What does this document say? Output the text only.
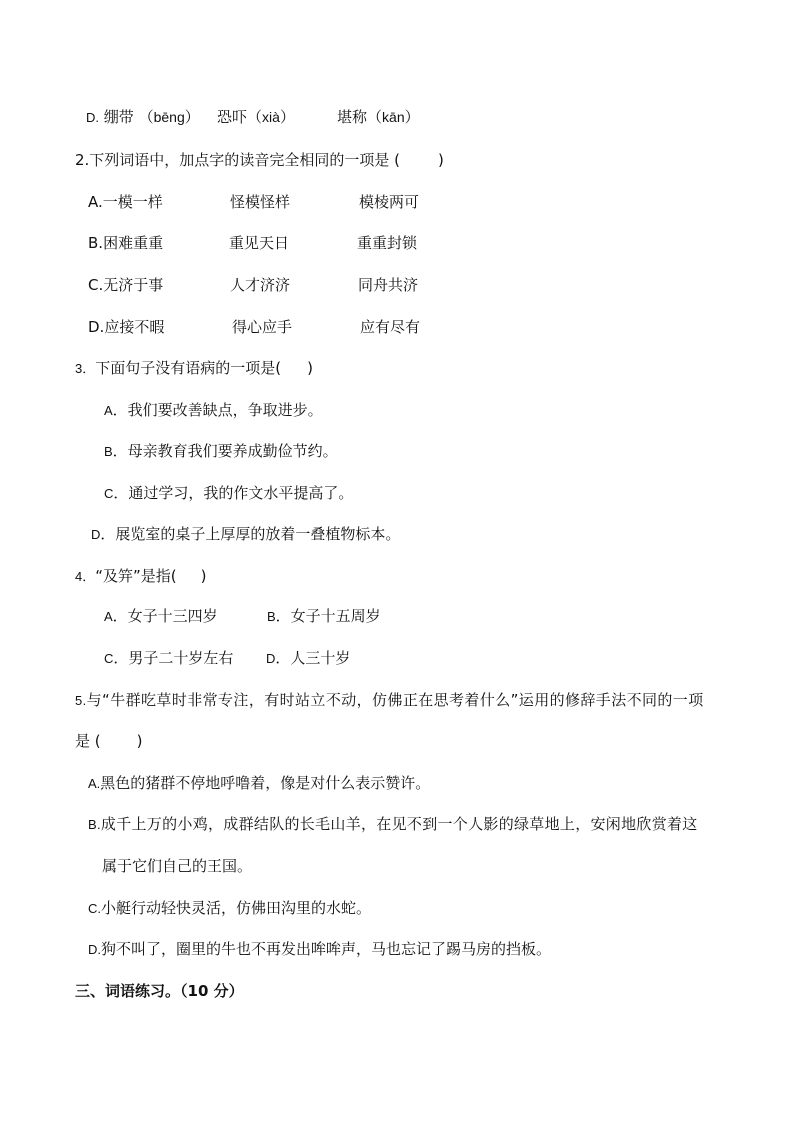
D. 绷带 （bēng） 恐吓（xià）	堪称（kān）
2.下列词语中，加点字的读音完全相同的一项是 (	)
A.一模一样	怪模怪样	模棱两可
B.困难重重	重见天日	重重封锁
C.无济于事	人才济济	同舟共济
D.应接不暇	得心应手	应有尽有
3．下面句子没有语病的一项是( )
A．我们要改善缺点，争取进步。
B．母亲教育我们要养成勤俭节约。
C．通过学习，我的作文水平提高了。
D．展览室的桌子上厚厚的放着一叠植物标本。
4．“及笄”是指( )
A．女子十三四岁	B．女子十五周岁
C．男子二十岁左右	D．人三十岁
5.与“牛群吃草时非常专注，有时站立不动，仿佛正在思考着什么”运用的修辞手法不同的一项
是 ( )
A.黑色的猪群不停地呼噜着，像是对什么表示赞许。
B.成千上万的小鸡，成群结队的长毛山羊，在见不到一个人影的绿草地上，安闲地欣赏着这
属于它们自己的王国。
C.小艇行动轻快灵活，仿佛田沟里的水蛇。
D.狗不叫了，圈里的牛也不再发出哞哞声，马也忘记了踢马房的挡板。
三、词语练习。（10 分）
